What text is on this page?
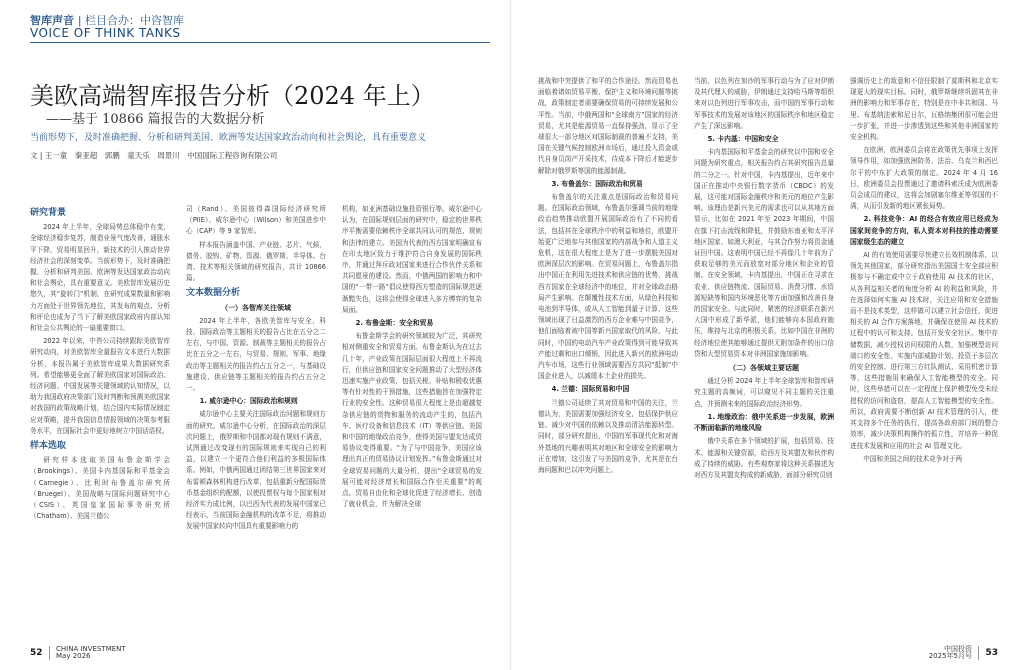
智库声音 | 栏目合办：中咨智库
VOICE OF THINK TANKS
美欧高端智库报告分析（2024 年上）
——基于 10866 篇报告的大数据分析
当前形势下，及时准确把握、分析和研判美国、欧洲等发达国家政治动向和社会舆论，具有重要意义
文 | 王一童　秦亚超　郭鹏　童天乐　周景川　中国国际工程咨询有限公司
研究背景

2024 年上半年，全球局势总体稳中有变，全球经济稳步复苏，制造业景气度改善，通胀水平下降，贸易明显回升，新技术的引入推动世界经济社会的深刻变革。当前形势下，及时准确把握、分析和研判美国、欧洲等发达国家政治动向和社会舆论，具有重要意义。美欧智库发展历史悠久，其“旋转门”机制，在研究成果数量和影响力方面处于世界领先地位，其发布的观点、分析和评论也成为了当下了解美欧国家政府内部认知和社会公共舆论的一扇重要窗口。

2022 年以来，中咨公司持续跟踪美欧智库研究动向，对美欧智库全量报告文本进行大数据分析，本报告属于美欧智库成果大数据研究系列。希望能够更全面了解美欧国家对国际政治、经济问题、中国发展等关键领域的认知情况，以助力我国政府决策部门及时判断和预测美欧国家对我国的政策战略计划，结合国内实际情况制定应对策略，提升我国信息情报领域的决策参考服务水平，在国际社会中更好地树立中国话语权。

样本选取

研究样本选取美国布鲁金斯学会（Brookings）、美国卡内基国际和平基金会（Carnegie）、比利时布鲁盖尔研究所（Bruegel）、美国战略与国际问题研究中心（CSIS）、英国皇家国际事务研究所（Chatham）、美国兰德公

司（Rand）、美国彼得森国际经济研究所（PIIE）、威尔逊中心（Wilson）和美国进步中心（CAP）等 9 家智库。

样本报告涵盖中国、产业链、芯片、气候、债务、胶钩、矿物、资源、俄罗斯、半导体、台湾、技术等相关领域的研究报告，共计 10866 篇。

文本数据分析
（一）各智库关注领域

2024 年上半年，各欧美智库与安全、科技、国际政治等主题相关的报告占比在五分之二左右，与中国、资源、制裁等主题相关的报告占比在五分之一左右，与贸易、规则、军事、地缘政治等主题相关的报告约占五分之一，与基础设施建设、供应链等主题相关的报告约占五分之一。

1. 威尔逊中心：国际政治和规则

威尔逊中心主要关注国际政治问题和规则方面的研究。威尔逊中心分析，在国际政治的深层次问题上，俄罗斯和中国都对现有规则不满意，试图通过改变现有的国际规则来实现自己的利益，以建立一个更符合他们利益的多极国际体系。例如，中俄两国通过团结第三世界国家来对布雷顿森林机构进行改革，包括重新分配国际货币基金组织的配额，以使投票权与每个国家相对经济实力成比例，以巴西为代表的发展中国家已经表示，当前国际金融机构的改革不足，将推动发展中国家转向中国具有重要影响力的

机构，如亚洲基础设施投资银行等。威尔逊中心认为，在国际规则层面的研究中，稳定的世界秩序平衡需要依赖秩序全球共同认可的规范、规则和法律的建立。美国为代表的西方国家明确宣布在印太地区致力于维护符合自身发展的国际秩序，并通过拜斥政对国家来进行合作伙伴关系和共同愿景的建设。然而，中俄两国的影响力和中国的“一带一路”倡议使得西方塑造的国际规范逐渐黯失色，这将会使得全球进入多方博弈的复杂局面。

2. 布鲁金斯：安全和贸易

布鲁金斯学会的研究领域较为广泛，其研究相对侧重安全和贸易方面。布鲁金斯认为在过去几十年，产业政策在国际层面很大程度上不再流行，但供应链和国家安全问题推动了大型经济体迅速实施产业政策，包括关税、补贴和税收优惠等有针对性的干预措施，这些措施旨在加强特定行业的安全性。这种贸易很大程度上是由超越复杂供应链的货物和服务的流动产生的，包括汽车、医疗设备和信息技术（IT）等供应链。美国和中国的地缘政治竞争，使得美国与盟友达成贸易协议变得重要。“为了与中国竞争，美国应该理出真正的贸易协议计划发挥。”布鲁金斯通过对全球贸易问题的大量分析，提出“全球贸易的发展可能对经济增长和国际合作至关重要”的观点。贸易自由化和全球化促进了经济增长、创造了就业机会，并为解决全球

52 CHINA INVESTMENT
May 2026

挑战和中突提供了和平的合作途径。然而贸易也面临着诸如贸易平衡、保护主义和环境问题等挑战，政策制定者需要确保贸易的可持续发展和公平性。当前，中俄两国和“全球南方”国家的经济贸易，尤其是能源贸易一直保持强劲，显示了全球很大一部分地区对国际制裁的普遍不支持，美国在关键气候控制欧洲市场后，通过投入资金或代自身员岗产开采技术，待成本下降后才能逐步解除对俄罗斯等国的能源制裁。

3. 布鲁盖尔：国际政治和贸易

布鲁盖尔的关注重点是国际政治和贸易问题。在国际政治领域，布鲁盖尔强调当前的地缘政治趋势推动欧盟开展国际政治有了不同的看法，包括其在全球秩序中的利益和地位，欧盟开始更广泛地参与其他国家的内部战争和人道主义危机，这在很大程度上是为了进一步摆脱美国对欧洲深层次的影响。在贸易问题上，布鲁盖尔指出中国正在利用先进技术和供应链的优势，挑战西方国家在全球经济中的地位，并对全球政治格局产生影响。在颠覆性技术方面，从绿色科技和电池到半导体，或从人工智能到量子计算，这些领域出现了日益激烈的西方企业难与中国竞争，他们面临着被中国等新兴国家取代的风险，与此同时，中国的电动汽车产业政策得到可能导致其产能过剩和出口倾销，因此进入新兴的欧洲电动汽车市场，这些行业领域需要西方共同“抵制”中国企业进入，以减缓本土企业的损失。

4. 兰德：国际贸易和中国

兰德公司延续了其对贸易和中国的关注，兰德认为，美国需要加强经济安全，包括保护供应链、减少对中国的依赖以及推动清洁能源转型。同时，部分研究提出，中国的军事现代化和对海外基地的兴趣表明其对地区和全球安全的影响力正在增加，这引发了与美国的竞争，尤其是在台海问题和巴以冲突问题上。

当前，以色列在加沙的军事行动与为了应对伊朗及其代理人的威胁，伊朗通过支持哈马斯等组织来对以色列进行军事攻击，而中国的军事行动和军事技术的发展对该地区的国际秩序和地区稳定产生了深远影响。

5. 卡内基：中国和安全

卡内基国际和平基金会的研究以中国和安全问题为研究重点，相关报告约占其研究报告总量的二分之一。针对中国，卡内基提出，近年来中国正在推动中央银行数字货币（CBDC）的发展，这可能对国际金融秩序和美元的地位产生影响。该理由是新兴美元的需求也可以从其地方面显示，比如在 2021 年至 2023 年期间，中国在旗下打击流线和降低，并鼓励东南亚和太平洋地区国家、如澳大利亚，与其合作努力将资金通证回中国。这表明中国已经不再像几十年前为了获取足够的美元而放宽对部分地区和企业的管制。在安全领域，卡内基提出，中国正在寻求在农业、供应链物流、国际贸易、消费习惯、水资源短缺等和国内环境恶化等方面加强和改善自身的国家安全。与此同时，紧密的经济联系在新兴大国中形成了新华派，他们能够向本国政府施压，维持与北京的积极关系，比如中国在非洲的经济地位使其能够通过提供无附加条件的出口信贷和大型贸易资本对非洲国家施加影响。

（二）各领域主要话题

通过分析 2024 年上半年全球智库和智库研究主题的高频词，可以窥见不同主题的关注重点，并预测未来的国际政治经济形势。

1. 地缘政治：俄中关系进一步发展，欧洲不断面临新的地缘风险

俄中关系在多个领域的扩展，包括贸易、技术、能源和关键资源，给西方及其盟友和伙伴构成了持续的威胁。有些观察家将这种关系描述为对西方及其盟友构成的新威胁，面部分研究员则

强调历史上的敌意和不信任限制了莫斯科和北京实现更大的现实目标。同时，俄罗斯继续巩固其在非洲的影响力和军事存在，特别是在中非共和国、马里、布基纳法索和尼日尔，瓦格纳集团很可能会进一步扩张，并进一步渗透到这些和其他非洲国家的安全机构。

在欧洲，欧洲委员会将在政策优先事项上发挥领导作用，如加强欧洲防务、法治、乌克兰和西巴尔干的中东扩大政策的制定。2024 年 4 月 16 日，欧洲委员会投票通过了邀请科索沃成为欧洲委员会成员的建议，这将会加剧塞尔维亚等邻国的不满，从而引发新的地区紧张局势。

2. 科技竞争：AI 的经合有效应用已经成为国家间竞争的方向，私人资本对科技的推动需要国家级生态的建立

AI 的有效使用需要尽快建立长效机制体系，以领先其他国家，部分研究指出美国国土安全部应积极参与不确定或中立于政府使用 AI 技术的社区，从各利益相关者的角度分析 AI 的利益和风险，并在选择如何实施 AI 技术时，关注应用和安全措施而不是技术类型，这样做可以建立社会信任，促进相关的 AI 合作方案落地，并确保在使用 AI 技术的过程中的认可和支持。包括开发安全社区、集中存储数据，减少授权访问权限的人数，加强模型访问端口的安全性、实施内部威胁计划、投资于多层次的安全控制、进行第三方红队测试、采用机密计算等，这些措施用来确保人工智能模型的安全。同时，这些举措可以在一定程度上保护模型免受未经授权的访问和盗窃，提高人工智能模型的安全性。所以，政府需要不断创新 AI 技术管理的引入，使其支持多个任务的执行，提高各政府部门间的整合效率，减少决策机构操作的孤立性，并培养一种促进技术发展和应用的社会 AI 管理文化。

中国和美国之间的技术竞争对于两

中国投资
2025年5月号 53
